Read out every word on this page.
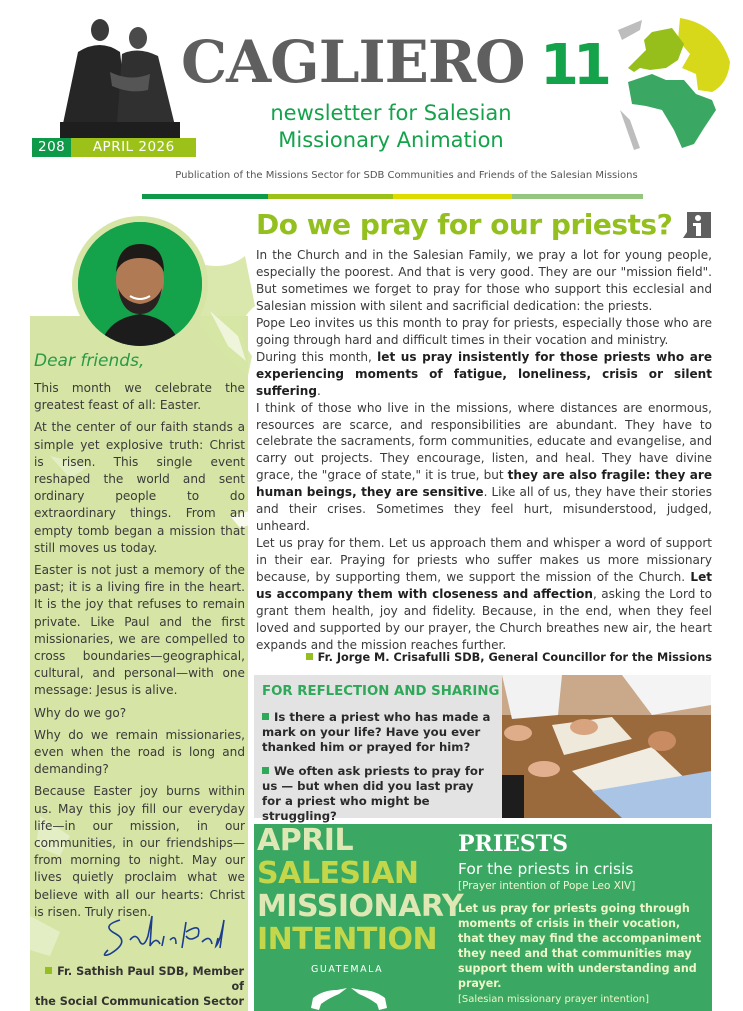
208	APRIL 2026
CAGLIERO 11
newsletter for Salesian
Missionary Animation
Publication of the Missions Sector for SDB Communities and Friends of the Salesian Missions
Dear friends,

This month we celebrate the greatest feast of all: Easter.

At the center of our faith stands a simple yet explosive truth: Christ is risen. This single event reshaped the world and sent ordinary people to do extraordinary things. From an empty tomb began a mission that still moves us today.

Easter is not just a memory of the past; it is a living fire in the heart. It is the joy that refuses to remain private. Like Paul and the first missionaries, we are compelled to cross boundaries—geographical, cultural, and personal—with one message: Jesus is alive.

Why do we go?

Why do we remain missionaries, even when the road is long and demanding?

Because Easter joy burns within us. May this joy fill our everyday life—in our mission, in our communities, in our friendships—from morning to night. May our lives quietly proclaim what we believe with all our hearts: Christ is risen. Truly risen.

Fr. Sathish Paul SDB, Member of
the Social Communication Sector
Do we pray for our priests?

In the Church and in the Salesian Family, we pray a lot for young people, especially the poorest. And that is very good. They are our "mission field". But sometimes we forget to pray for those who support this ecclesial and Salesian mission with silent and sacrificial dedication: the priests.

Pope Leo invites us this month to pray for priests, especially those who are going through hard and difficult times in their vocation and ministry.

During this month, let us pray insistently for those priests who are experiencing moments of fatigue, loneliness, crisis or silent suffering.

I think of those who live in the missions, where distances are enormous, resources are scarce, and responsibilities are abundant. They have to celebrate the sacraments, form communities, educate and evangelise, and carry out projects. They encourage, listen, and heal. They have divine grace, the "grace of state," it is true, but they are also fragile: they are human beings, they are sensitive. Like all of us, they have their stories and their crises. Sometimes they feel hurt, misunderstood, judged, unheard.

Let us pray for them. Let us approach them and whisper a word of support in their ear. Praying for priests who suffer makes us more missionary because, by supporting them, we support the mission of the Church. Let us accompany them with closeness and affection, asking the Lord to grant them health, joy and fidelity. Because, in the end, when they feel loved and supported by our prayer, the Church breathes new air, the heart expands and the mission reaches further.

Fr. Jorge M. Crisafulli SDB, General Councillor for the Missions
FOR REFLECTION AND SHARING
Is there a priest who has made a mark on your life? Have you ever thanked him or prayed for him?
We often ask priests to pray for us — but when did you last pray for a priest who might be struggling?
APRIL
SALESIAN
MISSIONARY
INTENTION
GUATEMALA
PRIESTS
For the priests in crisis
[Prayer intention of Pope Leo XIV]
Let us pray for priests going through moments of crisis in their vocation, that they may find the accompaniment they need and that communities may support them with understanding and prayer.
[Salesian missionary prayer intention]
